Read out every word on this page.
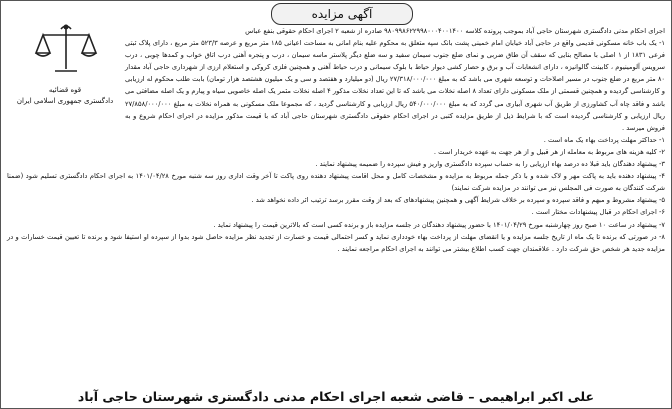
آگهی مزایده
قوه قضائیه
دادگستری جمهوری اسلامی ایران

اجرای احکام مدنی دادگستری شهرستان حاجی آباد بموجب پرونده کلاسه ۹۸۰۹۹۸۶۲۲۹۹۸۰۰۰۴۰۰۱۴۰۰ صادره از شعبه ۲ اجرای احکام حقوقی بنفع عباس

۱- یک باب خانه مسکونی قدیمی واقع در حاجی آباد خیابان امام خمینی پشت بانک سپه متعلق به محکوم علیه بنام امانی به مساحت اعیانی ۱۸۵ متر مربع و عرصه ۵۲۳/۳ متر مربع ، دارای پلاک ثبتی فرعی ۱۸۳۱ از ۱ اصلی با مصالح بنایی که سقف آن طاق ضربی و نمای ضلع جنوب سیمان سفید و سه ضلع دیگر پلاستر ماسه سیمان ، درب و پنجره آهنی درب اتاق خواب و کمدها چوبی ، درب سرویس آلومینیوم ، کابینت گالوانیزه ، دارای انشعابات آب و برق و حصار کشی دیوار حیاط با بلوک سیمانی و درب حیاط آهنی و همچنین فلزی کروکی و استعلام ارزی از شهرداری حاجی آباد مقدار ۸۰ متر مربع در ضلع جنوب در مسیر اصلاحات و توسعه شهری می باشد که به مبلغ ۲۷/۳۱۸/۰۰۰/۰۰۰ ریال (دو میلیارد و هفتصد و سی و یک میلیون هشتصد هزار تومان) بابت طلب محکوم له ارزیابی و کارشناسی گردیده و همچنین قسمتی از ملک مسکونی دارای تعداد ۸ اصله نخلات می باشد که تا این تعداد نخلات مذکور ۴ اصله نخلات مثمر یک اصله خاصویی سیاه و پیارم و یک اصله مضافتی می باشد و فاقد چاه آب کشاورزی از طریق آب شهری آبیاری می گردد که به مبلغ ۵۴۰/۰۰۰/۰۰۰ ریال ارزیابی و کارشناسی گردید ، که مجموعا ملک مسکونی به همراه نخلات به مبلغ ۲۷/۸۵۸/۰۰۰/۰۰۰ ریال ارزیابی و کارشناسی گردیده است که با شرایط ذیل از طریق مزایده کتبی در اجرای احکام حقوقی دادگستری شهرستان حاجی آباد که با قیمت مذکور مزایده در اجرای احکام شروع و به فروش میرسد .

۱- حداکثر مهلت پرداخت بهاء یک ماه است .

۲- کلیه هزینه های مربوط به معامله از هر قبیل و از هر جهت به عهده خریدار است .

۳- پیشنهاد دهندگان باید قبلا ده درصد بهاء ارزیابی را به حساب سپرده دادگستری واریز و فیش سپرده را ضمیمه پیشنهاد نمایند .

۴- پیشنهاد دهنده باید به پاکت مهر و لاک شده و با ذکر جمله مربوط به مزایده و مشخصات کامل و محل اقامت پیشنهاد دهنده روی پاکت تا آخر وقت اداری روز سه شنبه مورخ ۱۴۰۱/۰۴/۲۸ به اجرای احکام دادگستری تسلیم شود (ضمنا شرکت کنندگان به صورت فی المجلس نیز می توانند در مزایده شرکت نمایند)

۵- پیشنهاد مشروط و مبهم و فاقد سپرده و سپرده بر خلاف شرایط آگهی و همچنین پیشنهادهای که بعد از وقت مقرر برسد ترتیب اثر داده نخواهد شد .

۶- اجرای احکام در قبال پیشنهادات مختار است .

۷- پیشنهاد در ساعت ۱۰ صبح روز چهارشنبه مورخ ۱۴۰۱/۰۴/۲۹ با حضور پیشنهاد دهندگان در جلسه مزایده باز و برنده کسی است که بالاترین قیمت را پیشنهاد نماید .

۸- در صورتی که برنده تا یک ماه از تاریخ جلسه مزایده و یا انقضای مهلت از پرداخت بهاء خودداری نماید و کسر احتمالی قیمت و خسارت از تجدید نظر مزایده حاصل شود بدوا از سپرده او استیفا شود و برنده تا تعیین قیمت خسارات و در مزایده جدید هر شخص حق شرکت دارد . علاقمندان جهت کسب اطلاع بیشتر می توانند به اجرای احکام مراجعه نمایند .

علی اکبر ابراهیمی – قاضی شعبه اجرای احکام مدنی دادگستری شهرستان حاجی آباد
